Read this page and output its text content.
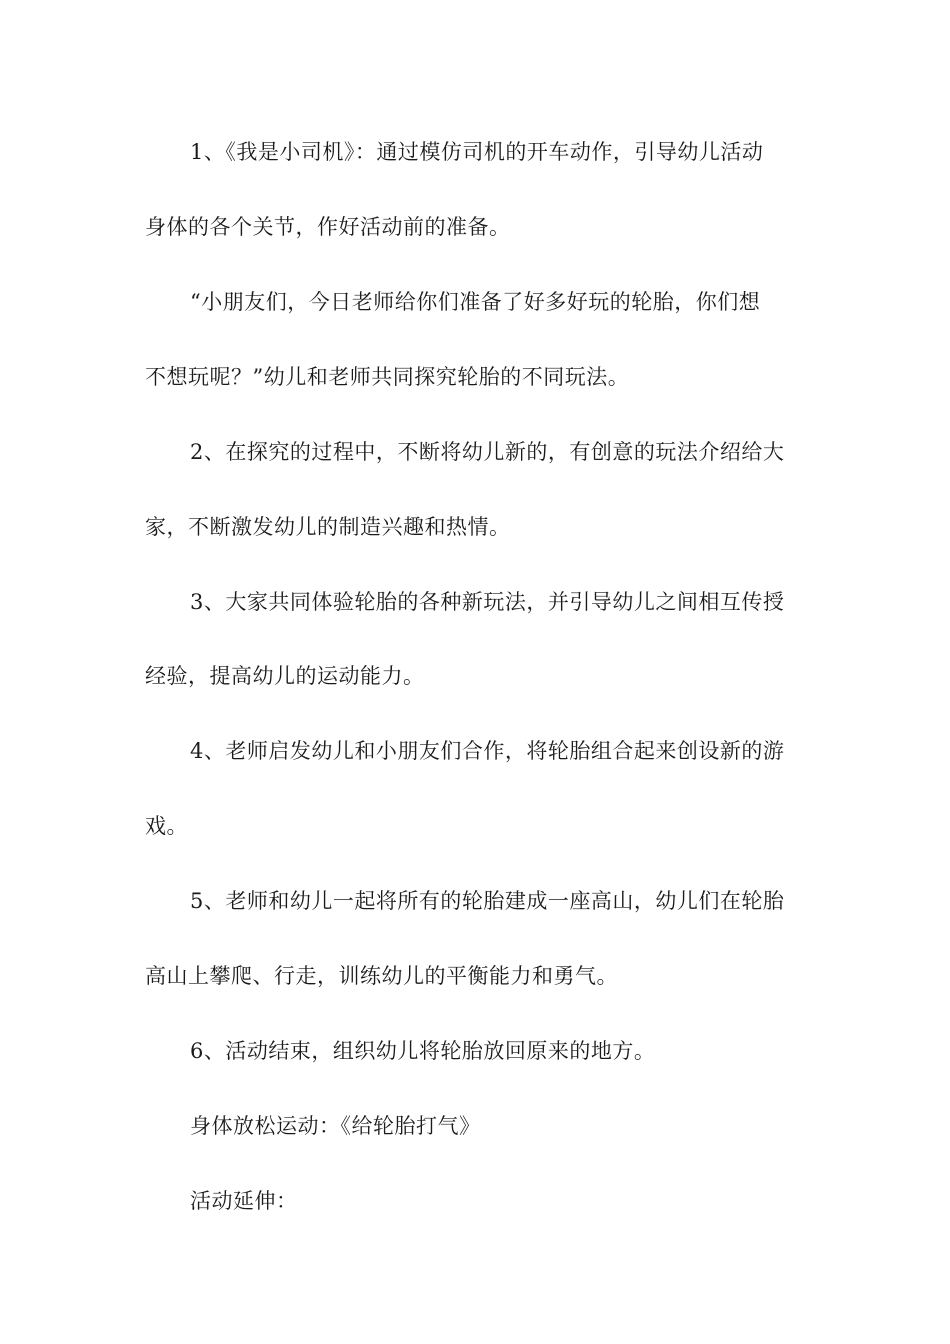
1、《我是小司机》：通过模仿司机的开车动作，引导幼儿活动
身体的各个关节，作好活动前的准备。
“小朋友们，今日老师给你们准备了好多好玩的轮胎，你们想
不想玩呢？”幼儿和老师共同探究轮胎的不同玩法。
2、在探究的过程中，不断将幼儿新的，有创意的玩法介绍给大
家，不断激发幼儿的制造兴趣和热情。
3、大家共同体验轮胎的各种新玩法，并引导幼儿之间相互传授
经验，提高幼儿的运动能力。
4、老师启发幼儿和小朋友们合作，将轮胎组合起来创设新的游
戏。
5、老师和幼儿一起将所有的轮胎建成一座高山，幼儿们在轮胎
高山上攀爬、行走，训练幼儿的平衡能力和勇气。
6、活动结束，组织幼儿将轮胎放回原来的地方。
身体放松运动：《给轮胎打气》
活动延伸：
